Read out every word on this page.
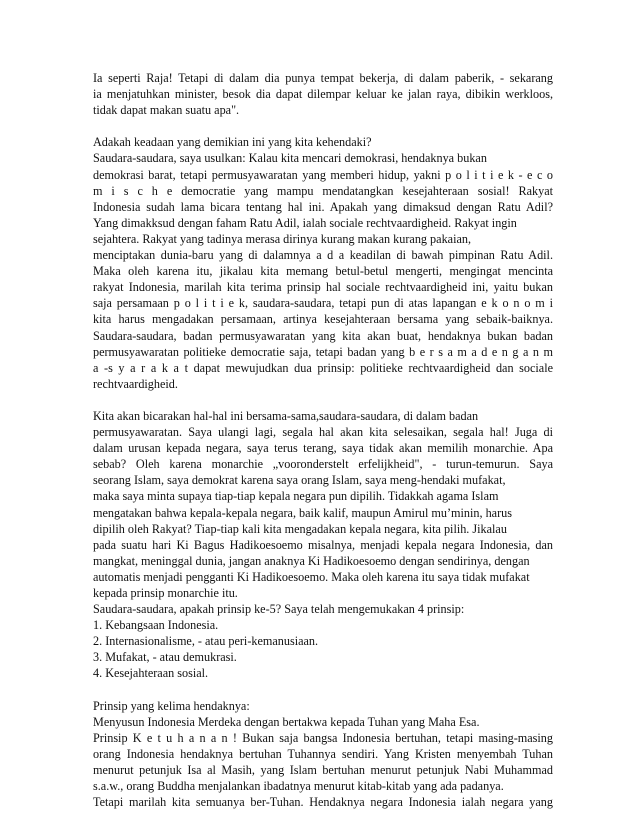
Ia seperti Raja! Tetapi di dalam dia punya tempat bekerja, di dalam paberik, - sekarang
ia menjatuhkan minister, besok dia dapat dilempar keluar ke jalan raya, dibikin werkloos,
tidak dapat makan suatu apa".
Adakah keadaan yang demikian ini yang kita kehendaki?
Saudara-saudara, saya usulkan: Kalau kita mencari demokrasi, hendaknya bukan
demokrasi barat, tetapi permusyawaratan yang memberi hidup, yakni p o l i t i e k - e c o
m i s c h e democratie yang mampu mendatangkan kesejahteraan sosial! Rakyat
Indonesia sudah lama bicara tentang hal ini. Apakah yang dimaksud dengan Ratu Adil?
Yang dimakksud dengan faham Ratu Adil, ialah sociale rechtvaardigheid. Rakyat ingin
sejahtera. Rakyat yang tadinya merasa dirinya kurang makan kurang pakaian,
menciptakan dunia-baru yang di dalamnya a d a keadilan di bawah pimpinan Ratu Adil.
Maka oleh karena itu, jikalau kita memang betul-betul mengerti, mengingat mencinta
rakyat Indonesia, marilah kita terima prinsip hal sociale rechtvaardigheid ini, yaitu bukan
saja persamaan p o l i t i e k, saudara-saudara, tetapi pun di atas lapangan e k o n o m i
kita harus mengadakan persamaan, artinya kesejahteraan bersama yang sebaik-baiknya.
Saudara-saudara, badan permusyawaratan yang kita akan buat, hendaknya bukan badan
permusyawaratan politieke democratie saja, tetapi badan yang b e r s a m a d e n g a n m
a -s y a r a k a t dapat mewujudkan dua prinsip: politieke rechtvaardigheid dan sociale
rechtvaardigheid.
Kita akan bicarakan hal-hal ini bersama-sama,saudara-saudara, di dalam badan
permusyawaratan. Saya ulangi lagi, segala hal akan kita selesaikan, segala hal! Juga di
dalam urusan kepada negara, saya terus terang, saya tidak akan memilih monarchie. Apa
sebab? Oleh karena monarchie „vooronderstelt erfelijkheid", - turun-temurun. Saya
seorang Islam, saya demokrat karena saya orang Islam, saya meng-hendaki mufakat,
maka saya minta supaya tiap-tiap kepala negara pun dipilih. Tidakkah agama Islam
mengatakan bahwa kepala-kepala negara, baik kalif, maupun Amirul mu’minin, harus
dipilih oleh Rakyat? Tiap-tiap kali kita mengadakan kepala negara, kita pilih. Jikalau
pada suatu hari Ki Bagus Hadikoesoemo misalnya, menjadi kepala negara Indonesia, dan
mangkat, meninggal dunia, jangan anaknya Ki Hadikoesoemo dengan sendirinya, dengan
automatis menjadi pengganti Ki Hadikoesoemo. Maka oleh karena itu saya tidak mufakat
kepada prinsip monarchie itu.
Saudara-saudara, apakah prinsip ke-5? Saya telah mengemukakan 4 prinsip:
1. Kebangsaan Indonesia.
2. Internasionalisme, - atau peri-kemanusiaan.
3. Mufakat, - atau demukrasi.
4. Kesejahteraan sosial.
Prinsip yang kelima hendaknya:
Menyusun Indonesia Merdeka dengan bertakwa kepada Tuhan yang Maha Esa.
Prinsip K e t u h a n a n ! Bukan saja bangsa Indonesia bertuhan, tetapi masing-masing
orang Indonesia hendaknya bertuhan Tuhannya sendiri. Yang Kristen menyembah Tuhan
menurut petunjuk Isa al Masih, yang Islam bertuhan menurut petunjuk Nabi Muhammad
s.a.w., orang Buddha menjalankan ibadatnya menurut kitab-kitab yang ada padanya.
Tetapi marilah kita semuanya ber-Tuhan. Hendaknya negara Indonesia ialah negara yang
